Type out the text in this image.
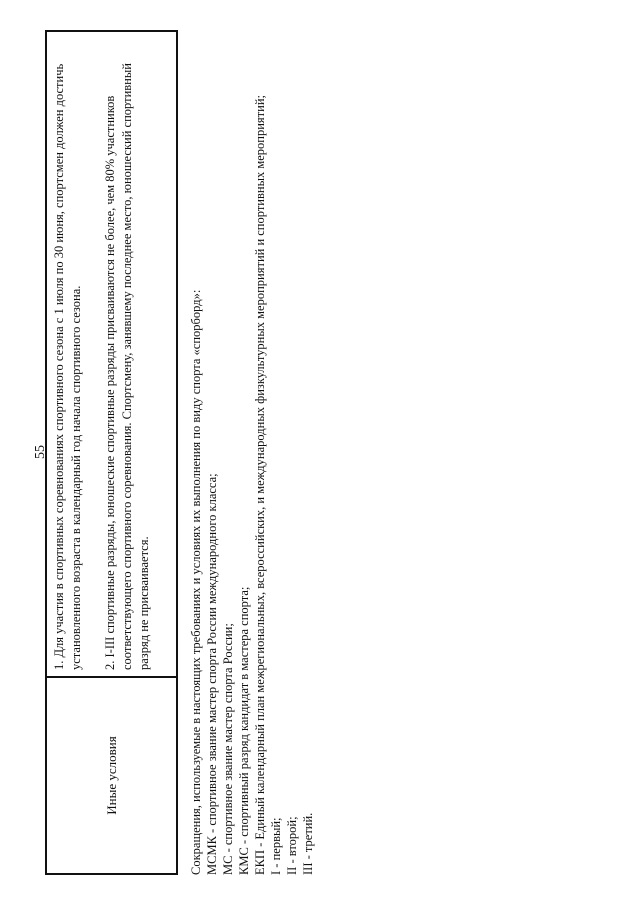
55
Иные условия

1. Для участия в спортивных соревнованиях спортивного сезона с 1 июля по 30 июня, спортсмен должен достичь установленного возраста в календарный год начала спортивного сезона. 2. I-III спортивные разряды, юношеские спортивные разряды присваиваются не более, чем 80% участников соответствующего спортивного соревнования. Спортсмену, занявшему последнее место, юношеский спортивный разряд не присваивается.	Сокращения, используемые в настоящих требованиях и условиях их выполнения по виду спорта «спорборд»: МСМК - спортивное звание мастер спорта России международного класса; МС - спортивное звание мастер спорта России; КМС - спортивный разряд кандидат в мастера спорта; ЕКП - Единый календарный план межрегиональных, всероссийских, и международных физкультурных мероприятий и спортивных мероприятий; I - первый; II - второй; III - третий.
